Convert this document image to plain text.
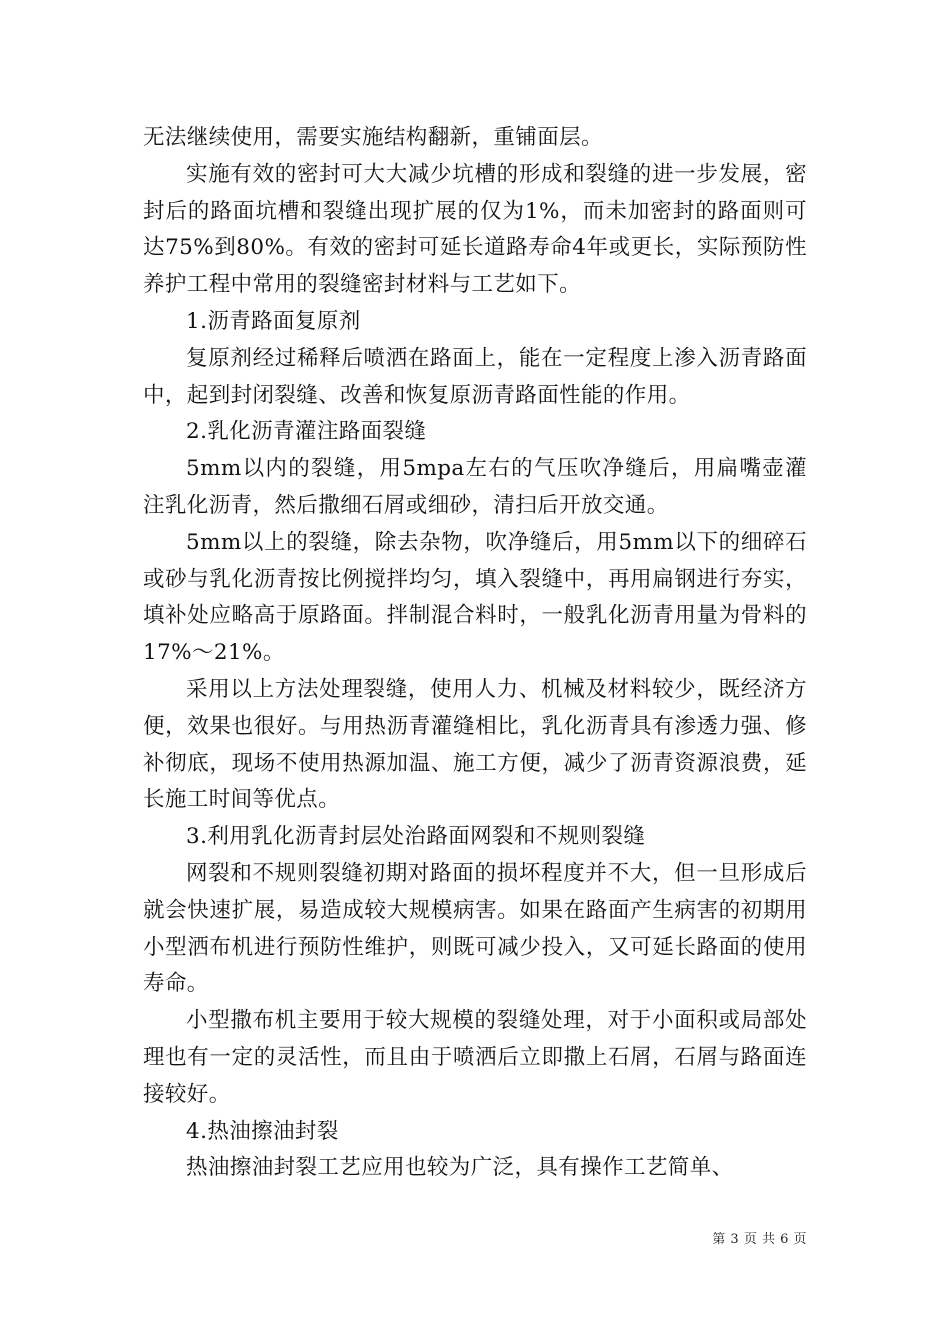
无法继续使用，需要实施结构翻新，重铺面层。

实施有效的密封可大大减少坑槽的形成和裂缝的进一步发展，密封后的路面坑槽和裂缝出现扩展的仅为1%，而未加密封的路面则可达75%到80%。有效的密封可延长道路寿命4年或更长，实际预防性养护工程中常用的裂缝密封材料与工艺如下。

1.沥青路面复原剂

复原剂经过稀释后喷洒在路面上，能在一定程度上渗入沥青路面中，起到封闭裂缝、改善和恢复原沥青路面性能的作用。

2.乳化沥青灌注路面裂缝

5mm以内的裂缝，用5mpa左右的气压吹净缝后，用扁嘴壶灌注乳化沥青，然后撒细石屑或细砂，清扫后开放交通。

5mm以上的裂缝，除去杂物，吹净缝后，用5mm以下的细碎石或砂与乳化沥青按比例搅拌均匀，填入裂缝中，再用扁钢进行夯实，填补处应略高于原路面。拌制混合料时，一般乳化沥青用量为骨料的17%～21%。

采用以上方法处理裂缝，使用人力、机械及材料较少，既经济方便，效果也很好。与用热沥青灌缝相比，乳化沥青具有渗透力强、修补彻底，现场不使用热源加温、施工方便，减少了沥青资源浪费，延长施工时间等优点。

3.利用乳化沥青封层处治路面网裂和不规则裂缝

网裂和不规则裂缝初期对路面的损坏程度并不大，但一旦形成后就会快速扩展，易造成较大规模病害。如果在路面产生病害的初期用小型洒布机进行预防性维护，则既可减少投入，又可延长路面的使用寿命。

小型撒布机主要用于较大规模的裂缝处理，对于小面积或局部处理也有一定的灵活性，而且由于喷洒后立即撒上石屑，石屑与路面连接较好。

4.热油擦油封裂

热油擦油封裂工艺应用也较为广泛，具有操作工艺简单、

第 3 页 共 6 页
